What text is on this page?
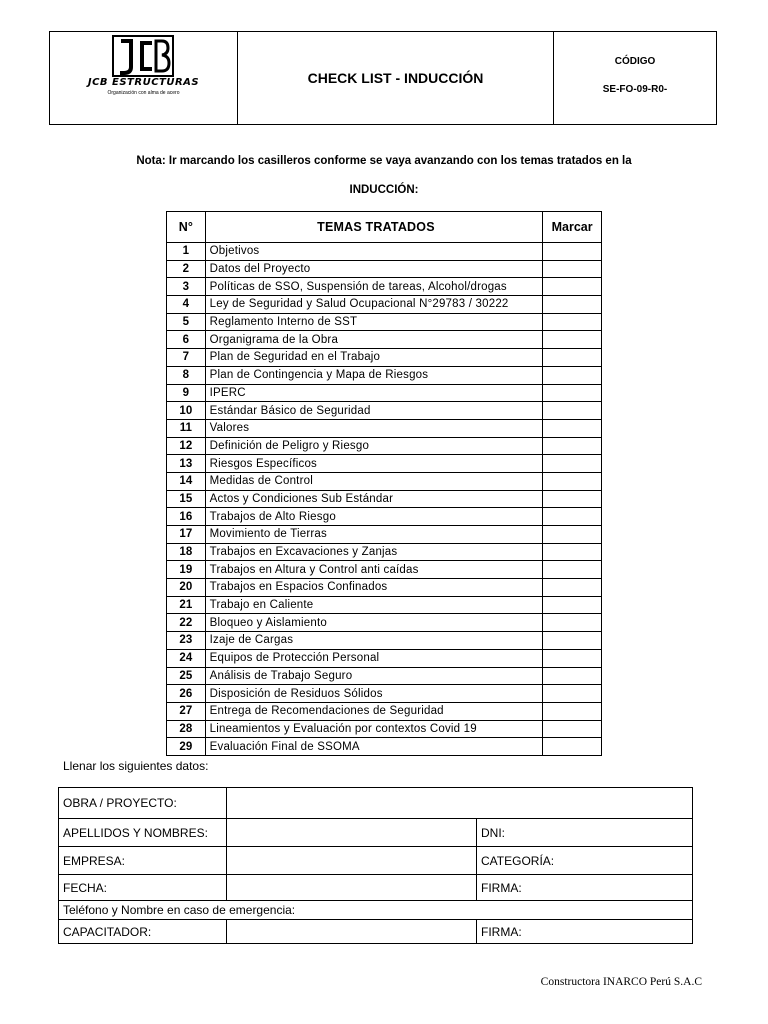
JCB ESTRUCTURAS
Organización con alma de acero
CHECK LIST - INDUCCIÓN
CÓDIGO
SE-FO-09-R0-
Nota: Ir marcando los casilleros conforme se vaya avanzando con los temas tratados en la
INDUCCIÓN:
N°	TEMAS TRATADOS	Marcar
1	Objetivos	
2	Datos del Proyecto	
3	Políticas de SSO, Suspensión de tareas, Alcohol/drogas	
4	Ley de Seguridad y Salud Ocupacional N°29783 / 30222	
5	Reglamento Interno de SST	
6	Organigrama de la Obra	
7	Plan de Seguridad en el Trabajo	
8	Plan de Contingencia y Mapa de Riesgos	
9	IPERC	
10	Estándar Básico de Seguridad	
11	Valores	
12	Definición de Peligro y Riesgo	
13	Riesgos Específicos	
14	Medidas de Control	
15	Actos y Condiciones Sub Estándar	
16	Trabajos de Alto Riesgo	
17	Movimiento de Tierras	
18	Trabajos en Excavaciones y Zanjas	
19	Trabajos en Altura y Control anti caídas	
20	Trabajos en Espacios Confinados	
21	Trabajo en Caliente	
22	Bloqueo y Aislamiento	
23	Izaje de Cargas	
24	Equipos de Protección Personal	
25	Análisis de Trabajo Seguro	
26	Disposición de Residuos Sólidos	
27	Entrega de Recomendaciones de Seguridad	
28	Lineamientos y Evaluación por contextos Covid 19	
29	Evaluación Final de SSOMA	
Llenar los siguientes datos:
OBRA / PROYECTO:		
APELLIDOS Y NOMBRES:		DNI:
EMPRESA:		CATEGORÍA:
FECHA:		FIRMA:
Teléfono y Nombre en caso de emergencia:		
CAPACITADOR:		FIRMA:
Constructora INARCO Perú S.A.C
